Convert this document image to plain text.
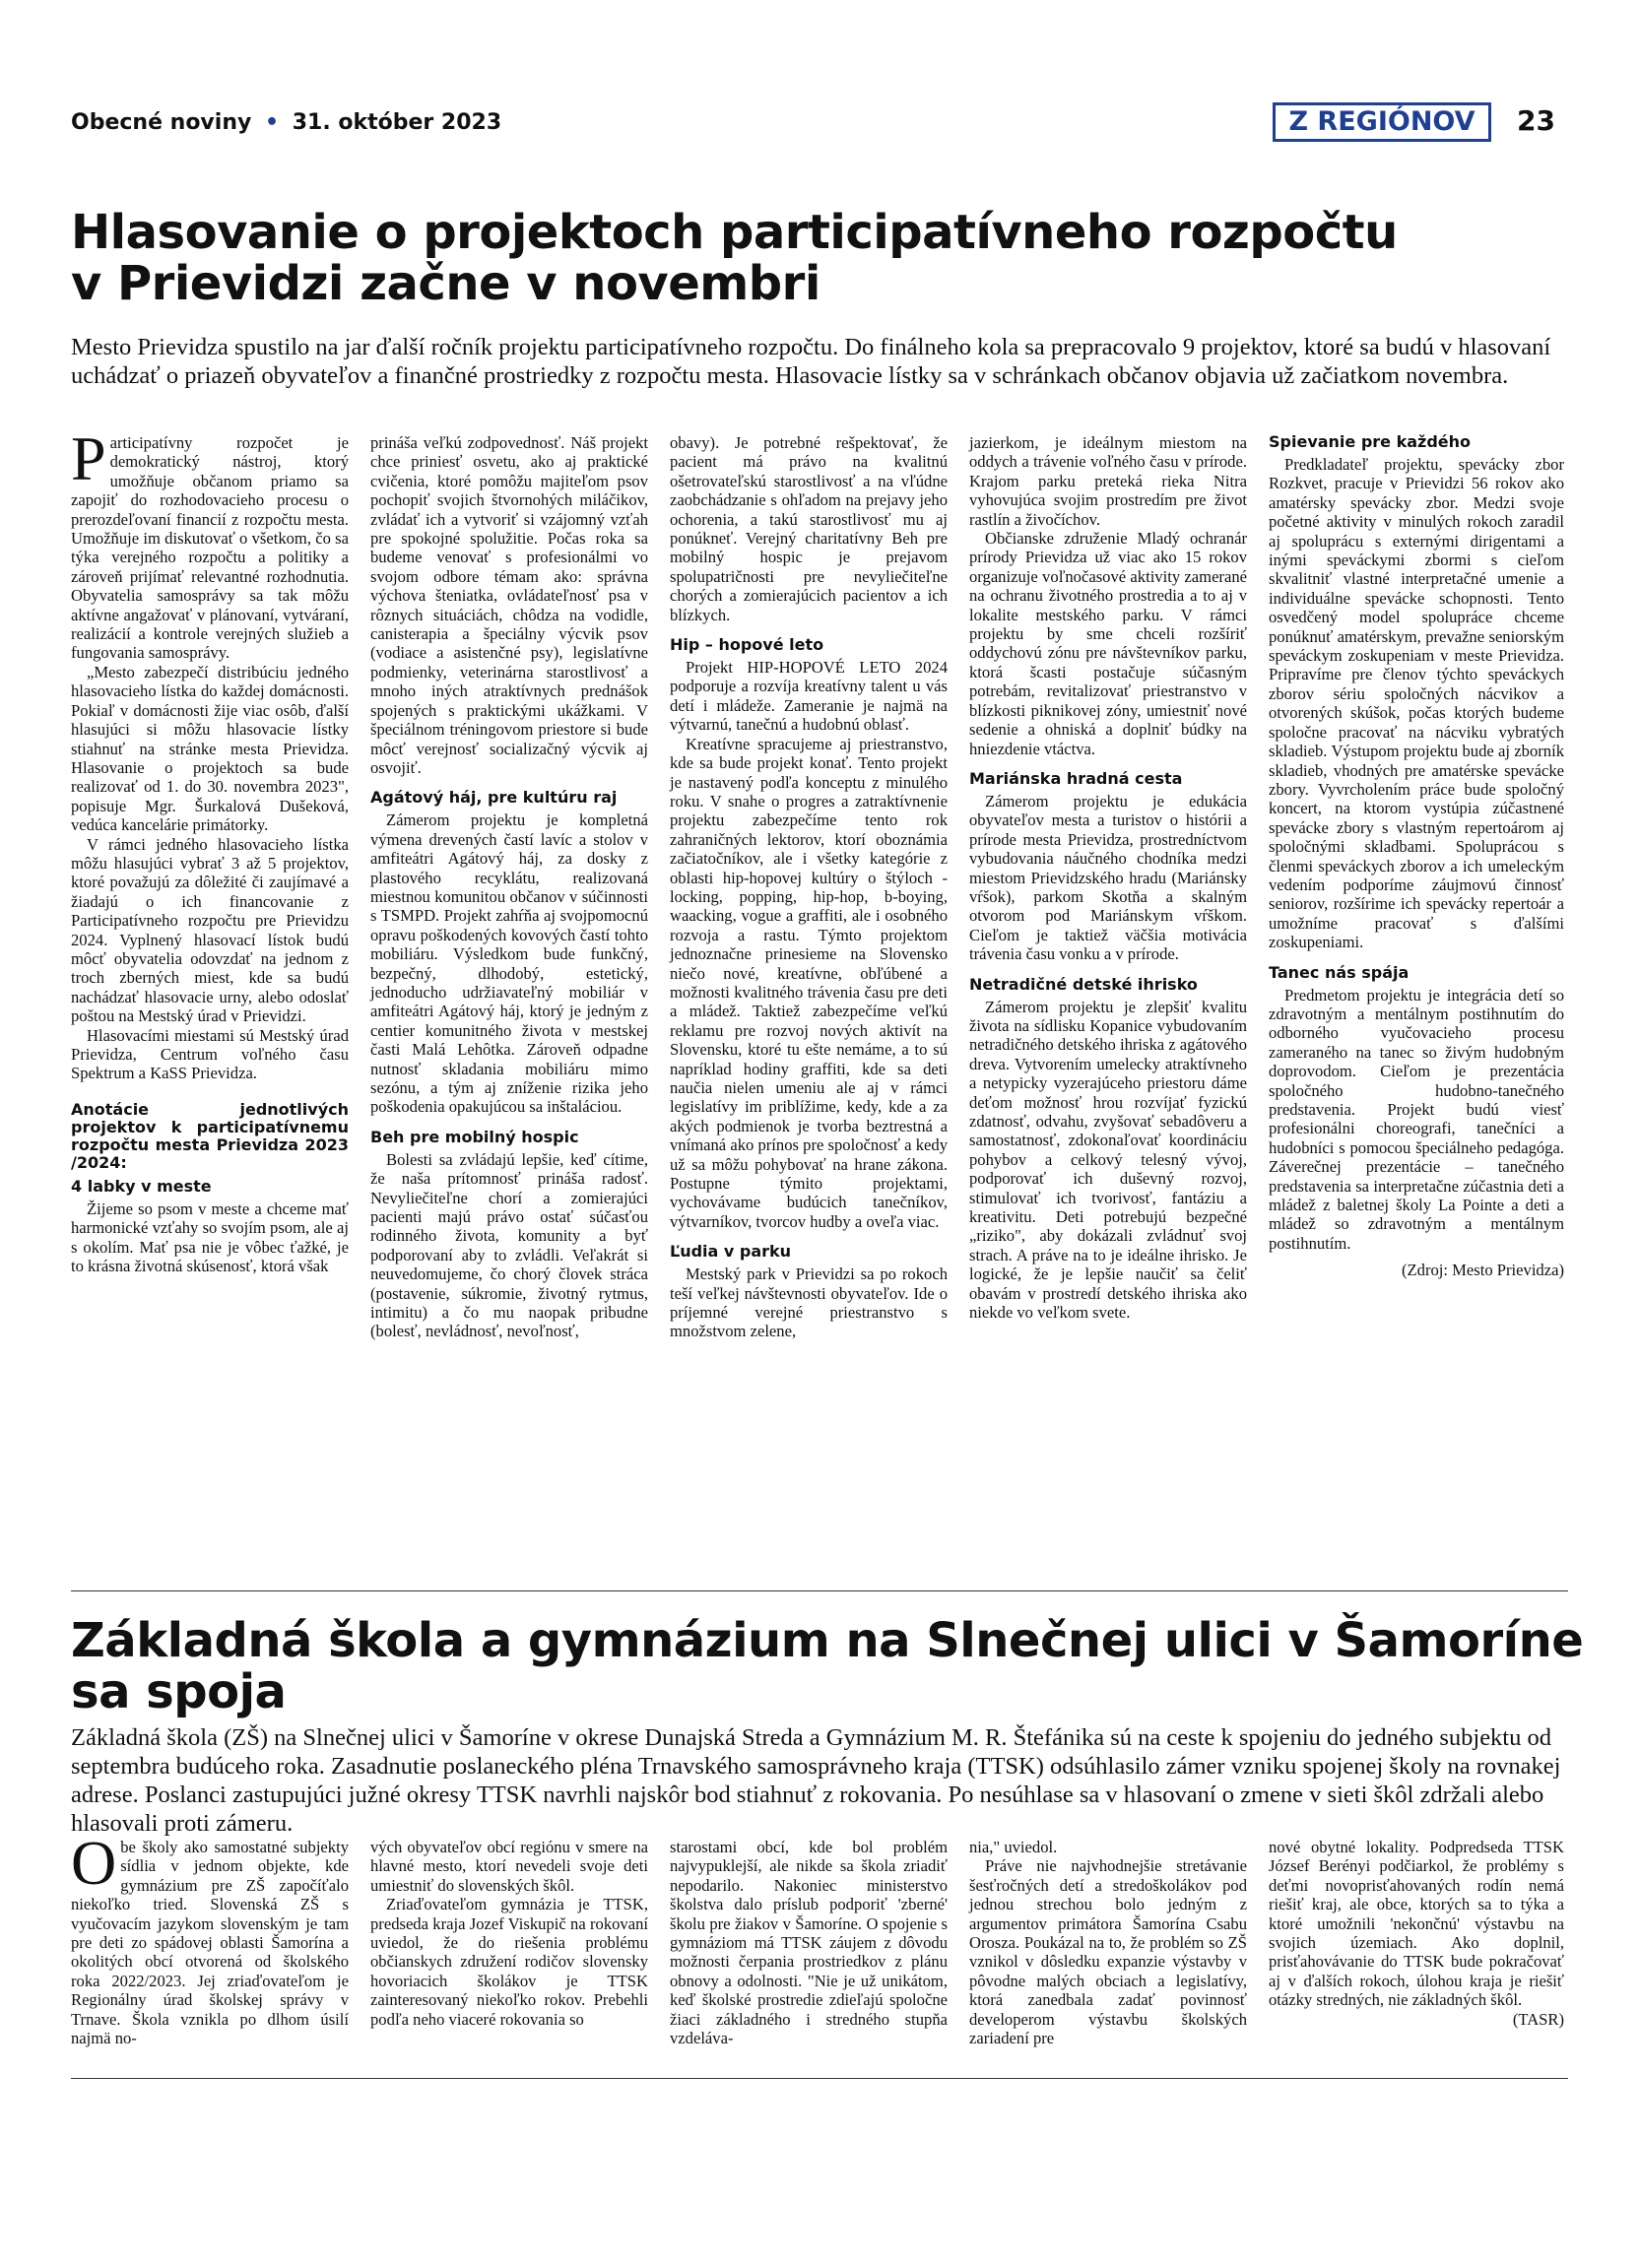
Obecné noviny • 31. október 2023	Z REGIÓNOV	23
Hlasovanie o projektoch participatívneho rozpočtu
v Prievidzi začne v novembri
Mesto Prievidza spustilo na jar ďalší ročník projektu participatívneho rozpočtu. Do finálneho kola sa prepracovalo 9 projektov, ktoré sa budú v hlasovaní uchádzať o priazeň obyvateľov a finančné prostriedky z rozpočtu mesta. Hlasovacie lístky sa v schránkach občanov objavia už začiatkom novembra.

Participatívny rozpočet je demokratický nástroj, ktorý umožňuje občanom priamo sa zapojiť do rozhodovacieho procesu o prerozdeľovaní financií z rozpočtu mesta. Umožňuje im diskutovať o všetkom, čo sa týka verejného rozpočtu a politiky a zároveň prijímať relevantné rozhodnutia. Obyvatelia samosprávy sa tak môžu aktívne angažovať v plánovaní, vytváraní, realizácií a kontrole verejných služieb a fungovania samosprávy.

„Mesto zabezpečí distribúciu jedného hlasovacieho lístka do každej domácnosti. Pokiaľ v domácnosti žije viac osôb, ďalší hlasujúci si môžu hlasovacie lístky stiahnuť na stránke mesta Prievidza. Hlasovanie o projektoch sa bude realizovať od 1. do 30. novembra 2023", popisuje Mgr. Šurkalová Dušeková, vedúca kancelárie primátorky.

V rámci jedného hlasovacieho lístka môžu hlasujúci vybrať 3 až 5 projektov, ktoré považujú za dôležité či zaujímavé a žiadajú o ich financovanie z Participatívneho rozpočtu pre Prievidzu 2024. Vyplnený hlasovací lístok budú môcť obyvatelia odovzdať na jednom z troch zberných miest, kde sa budú nachádzať hlasovacie urny, alebo odoslať poštou na Mestský úrad v Prievidzi.

Hlasovacími miestami sú Mestský úrad Prievidza, Centrum voľného času Spektrum a KaSS Prievidza.

Anotácie jednotlivých projektov k participatívnemu rozpočtu mesta Prievidza 2023 /2024:
4 labky v meste

Žijeme so psom v meste a chceme mať harmonické vzťahy so svojím psom, ale aj s okolím. Mať psa nie je vôbec ťažké, je to krásna životná skúsenosť, ktorá však

prináša veľkú zodpovednosť. Náš projekt chce priniesť osvetu, ako aj praktické cvičenia, ktoré pomôžu majiteľom psov pochopiť svojich štvornohých miláčikov, zvládať ich a vytvoriť si vzájomný vzťah pre spokojné spolužitie. Počas roka sa budeme venovať s profesionálmi vo svojom odbore témam ako: správna výchova šteniatka, ovládateľnosť psa v rôznych situáciách, chôdza na vodidle, canisterapia a špeciálny výcvik psov (vodiace a asistenčné psy), legislatívne podmienky, veterinárna starostlivosť a mnoho iných atraktívnych prednášok spojených s praktickými ukážkami. V špeciálnom tréningovom priestore si bude môcť verejnosť socializačný výcvik aj osvojiť.

Agátový háj, pre kultúru raj

Zámerom projektu je kompletná výmena drevených častí lavíc a stolov v amfiteátri Agátový háj, za dosky z plastového recyklátu, realizovaná miestnou komunitou občanov v súčinnosti s TSMPD. Projekt zahŕňa aj svojpomocnú opravu poškodených kovových častí tohto mobiliáru. Výsledkom bude funkčný, bezpečný, dlhodobý, estetický, jednoducho udržiavateľný mobiliár v amfiteátri Agátový háj, ktorý je jedným z centier komunitného života v mestskej časti Malá Lehôtka. Zároveň odpadne nutnosť skladania mobiliáru mimo sezónu, a tým aj zníženie rizika jeho poškodenia opakujúcou sa inštaláciou.

Beh pre mobilný hospic

Bolesti sa zvládajú lepšie, keď cítime, že naša prítomnosť prináša radosť. Nevyliečiteľne chorí a zomierajúci pacienti majú právo ostať súčasťou rodinného života, komunity a byť podporovaní aby to zvládli. Veľakrát si neuvedomujeme, čo chorý človek stráca (postavenie, súkromie, životný rytmus, intimitu) a čo mu naopak pribudne (bolesť, nevládnosť, nevoľnosť,

obavy). Je potrebné rešpektovať, že pacient má právo na kvalitnú ošetrovateľskú starostlivosť a na vľúdne zaobchádzanie s ohľadom na prejavy jeho ochorenia, a takú starostlivosť mu aj ponúkneť. Verejný charitatívny Beh pre mobilný hospic je prejavom spolupatričnosti pre nevyliečiteľne chorých a zomierajúcich pacientov a ich blízkych.

Hip – hopové leto

Projekt HIP-HOPOVÉ LETO 2024 podporuje a rozvíja kreatívny talent u vás detí i mládeže. Zameranie je najmä na výtvarnú, tanečnú a hudobnú oblasť.

Kreatívne spracujeme aj priestranstvo, kde sa bude projekt konať. Tento projekt je nastavený podľa konceptu z minulého roku. V snahe o progres a zatraktívnenie projektu zabezpečíme tento rok zahraničných lektorov, ktorí oboznámia začiatočníkov, ale i všetky kategórie z oblasti hip-hopovej kultúry o štýloch - locking, popping, hip-hop, b-boying, waacking, vogue a graffiti, ale i osobného rozvoja a rastu. Týmto projektom jednoznačne prinesieme na Slovensko niečo nové, kreatívne, obľúbené a možnosti kvalitného trávenia času pre deti a mládež. Taktiež zabezpečíme veľkú reklamu pre rozvoj nových aktivít na Slovensku, ktoré tu ešte nemáme, a to sú napríklad hodiny graffiti, kde sa deti naučia nielen umeniu ale aj v rámci legislatívy im priblížime, kedy, kde a za akých podmienok je tvorba beztrestná a vnímaná ako prínos pre spoločnosť a kedy už sa môžu pohybovať na hrane zákona. Postupne týmito projektami, vychovávame budúcich tanečníkov, výtvarníkov, tvorcov hudby a oveľa viac.

Ľudia v parku

Mestský park v Prievidzi sa po rokoch teší veľkej návštevnosti obyvateľov. Ide o príjemné verejné priestranstvo s množstvom zelene,

jazierkom, je ideálnym miestom na oddych a trávenie voľného času v prírode. Krajom parku preteká rieka Nitra vyhovujúca svojim prostredím pre život rastlín a živočíchov.

Občianske združenie Mladý ochranár prírody Prievidza už viac ako 15 rokov organizuje voľnočasové aktivity zamerané na ochranu životného prostredia a to aj v lokalite mestského parku. V rámci projektu by sme chceli rozšíriť oddychovú zónu pre návštevníkov parku, ktorá šcasti postačuje súčasným potrebám, revitalizovať priestranstvo v blízkosti piknikovej zóny, umiestniť nové sedenie a ohniská a doplniť búdky na hniezdenie vtáctva.

Mariánska hradná cesta

Zámerom projektu je edukácia obyvateľov mesta a turistov o histórii a prírode mesta Prievidza, prostredníctvom vybudovania náučného chodníka medzi miestom Prievidzského hradu (Mariánsky vŕšok), parkom Skotňa a skalným otvorom pod Mariánskym vŕškom. Cieľom je taktiež väčšia motivácia trávenia času vonku a v prírode.

Netradičné detské ihrisko

Zámerom projektu je zlepšiť kvalitu života na sídlisku Kopanice vybudovaním netradičného detského ihriska z agátového dreva. Vytvorením umelecky atraktívneho a netypicky vyzerajúceho priestoru dáme deťom možnosť hrou rozvíjať fyzickú zdatnosť, odvahu, zvyšovať sebadôveru a samostatnosť, zdokonaľovať koordináciu pohybov a celkový telesný vývoj, podporovať ich duševný rozvoj, stimulovať ich tvorivosť, fantáziu a kreativitu. Deti potrebujú bezpečné „riziko", aby dokázali zvládnuť svoj strach. A práve na to je ideálne ihrisko. Je logické, že je lepšie naučiť sa čeliť obavám v prostredí detského ihriska ako niekde vo veľkom svete.

Spievanie pre každého

Predkladateľ projektu, spevácky zbor Rozkvet, pracuje v Prievidzi 56 rokov ako amatérsky spevácky zbor. Medzi svoje početné aktivity v minulých rokoch zaradil aj spoluprácu s externými dirigentami a inými speváckymi zbormi s cieľom skvalitniť vlastné interpretačné umenie a individuálne spevácke schopnosti. Tento osvedčený model spolupráce chceme ponúknuť amatérskym, prevažne seniorským speváckym zoskupeniam v meste Prievidza. Pripravíme pre členov týchto speváckych zborov sériu spoločných nácvikov a otvorených skúšok, počas ktorých budeme spoločne pracovať na nácviku vybratých skladieb. Výstupom projektu bude aj zborník skladieb, vhodných pre amatérske spevácke zbory. Vyvrcholením práce bude spoločný koncert, na ktorom vystúpia zúčastnené spevácke zbory s vlastným repertoárom aj spoločnými skladbami. Spoluprácou s členmi speváckych zborov a ich umeleckým vedením podporíme záujmovú činnosť seniorov, rozšírime ich spevácky repertoár a umožníme pracovať s ďalšími zoskupeniami.

Tanec nás spája

Predmetom projektu je integrácia detí so zdravotným a mentálnym postihnutím do odborného vyučovacieho procesu zameraného na tanec so živým hudobným doprovodom. Cieľom je prezentácia spoločného hudobno-tanečného predstavenia. Projekt budú viesť profesionálni choreografi, tanečníci a hudobníci s pomocou špeciálneho pedagóga. Záverečnej prezentácie – tanečného predstavenia sa interpretačne zúčastnia deti a mládež z baletnej školy La Pointe a deti a mládež so zdravotným a mentálnym postihnutím.

(Zdroj: Mesto Prievidza)

Základná škola a gymnázium na Slnečnej ulici v Šamoríne
sa spoja
Základná škola (ZŠ) na Slnečnej ulici v Šamoríne v okrese Dunajská Streda a Gymnázium M. R. Štefánika sú na ceste k spojeniu do jedného subjektu od septembra budúceho roka. Zasadnutie poslaneckého pléna Trnavského samosprávneho kraja (TTSK) odsúhlasilo zámer vzniku spojenej školy na rovnakej adrese. Poslanci zastupujúci južné okresy TTSK navrhli najskôr bod stiahnuť z rokovania. Po nesúhlase sa v hlasovaní o zmene v sieti škôl zdržali alebo hlasovali proti zámeru.

Obe školy ako samostatné subjekty sídlia v jednom objekte, kde gymnázium pre ZŠ započíťalo niekoľko tried. Slovenská ZŠ s vyučovacím jazykom slovenským je tam pre deti zo spádovej oblasti Šamorína a okolitých obcí otvorená od školského roka 2022/2023. Jej zriaďovateľom je Regionálny úrad školskej správy v Trnave. Škola vznikla po dlhom úsilí najmä no-

vých obyvateľov obcí regiónu v smere na hlavné mesto, ktorí nevedeli svoje deti umiestniť do slovenských škôl.

Zriaďovateľom gymnázia je TTSK, predseda kraja Jozef Viskupič na rokovaní uviedol, že do riešenia problému občianskych združení rodičov slovensky hovoriacich školákov je TTSK zainteresovaný niekoľko rokov. Prebehli podľa neho viaceré rokovania so

starostami obcí, kde bol problém najvypuklejší, ale nikde sa škola zriadiť nepodarilo. Nakoniec ministerstvo školstva dalo príslub podporiť 'zberné' školu pre žiakov v Šamoríne. O spojenie s gymnáziom má TTSK záujem z dôvodu možnosti čerpania prostriedkov z plánu obnovy a odolnosti. "Nie je už unikátom, keď školské prostredie zdieľajú spoločne žiaci základného i stredného stupňa vzdeláva-

nia," uviedol.

Práve nie najvhodnejšie stretávanie šesťročných detí a stredoškolákov pod jednou strechou bolo jedným z argumentov primátora Šamorína Csabu Orosza. Poukázal na to, že problém so ZŠ vznikol v dôsledku expanzie výstavby v pôvodne malých obciach a legislatívy, ktorá zanedbala zadať povinnosť developerom výstavbu školských zariadení pre

nové obytné lokality. Podpredseda TTSK József Berényi podčiarkol, že problémy s deťmi novoprisťahovaných rodín nemá riešiť kraj, ale obce, ktorých sa to týka a ktoré umožnili 'nekončnú' výstavbu na svojich územiach. Ako doplnil, prisťahovávanie do TTSK bude pokračovať aj v ďalších rokoch, úlohou kraja je riešiť otázky stredných, nie základných škôl.

(TASR)
